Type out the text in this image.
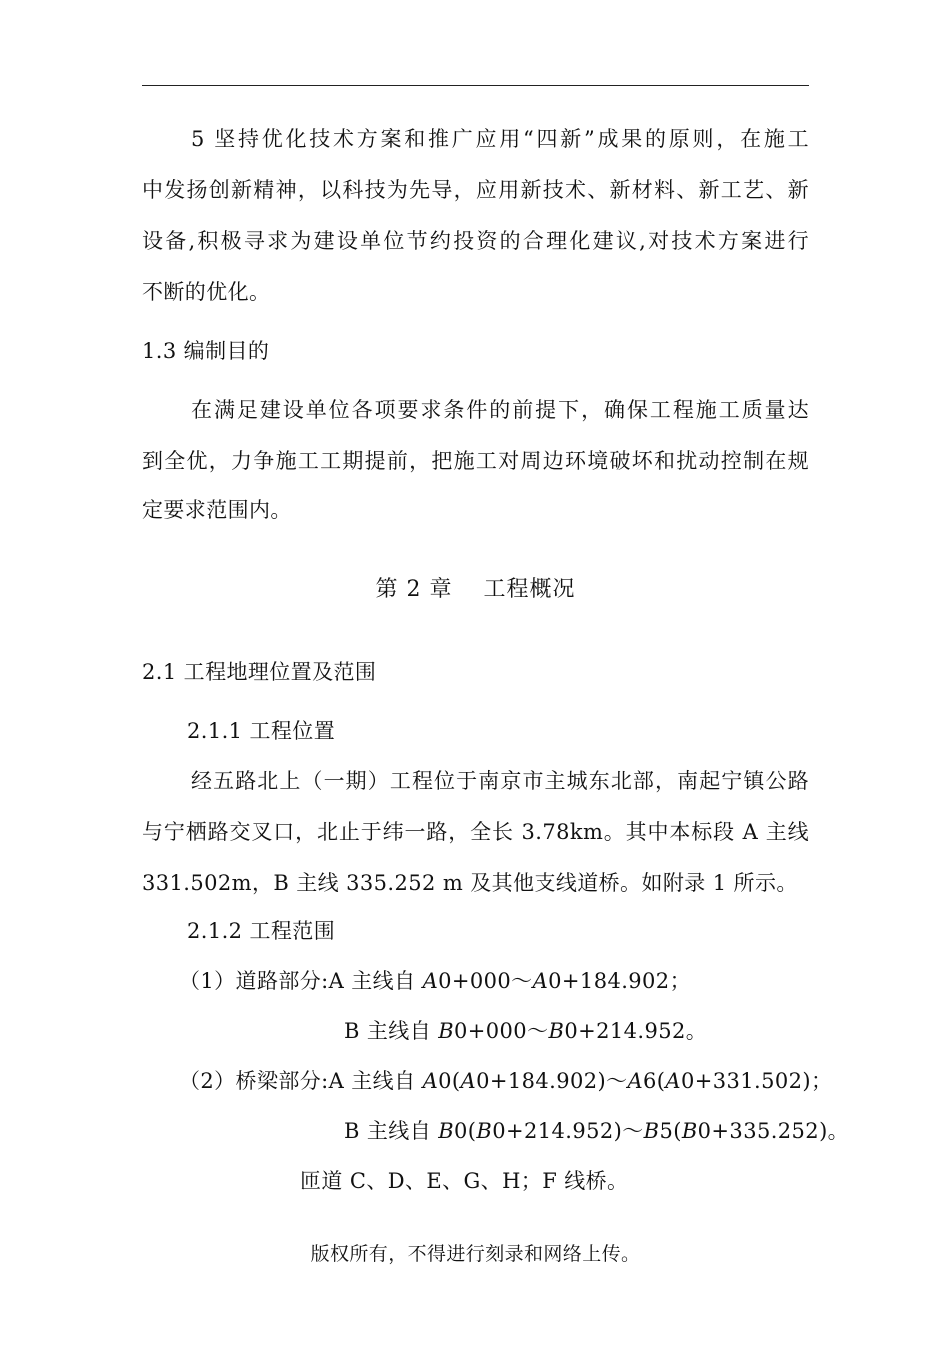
5 坚持优化技术方案和推广应用“四新”成果的原则，在施工
中发扬创新精神，以科技为先导，应用新技术、新材料、新工艺、新
设备,积极寻求为建设单位节约投资的合理化建议,对技术方案进行
不断的优化。
1.3 编制目的
在满足建设单位各项要求条件的前提下，确保工程施工质量达
到全优，力争施工工期提前，把施工对周边环境破坏和扰动控制在规
定要求范围内。
第 2 章　 工程概况
2.1 工程地理位置及范围
2.1.1 工程位置
经五路北上（一期）工程位于南京市主城东北部，南起宁镇公路
与宁栖路交叉口，北止于纬一路，全长 3.78km。其中本标段 A 主线
331.502m，B 主线 335.252 m 及其他支线道桥。如附录 1 所示。
2.1.2 工程范围
（1）道路部分:A 主线自 A0+000～A0+184.902；
B 主线自 B0+000～B0+214.952。
（2）桥梁部分:A 主线自 A0(A0+184.902)～A6(A0+331.502)；
B 主线自 B0(B0+214.952)～B5(B0+335.252)。
匝道 C、D、E、G、H；F 线桥。
版权所有，不得进行刻录和网络上传。
